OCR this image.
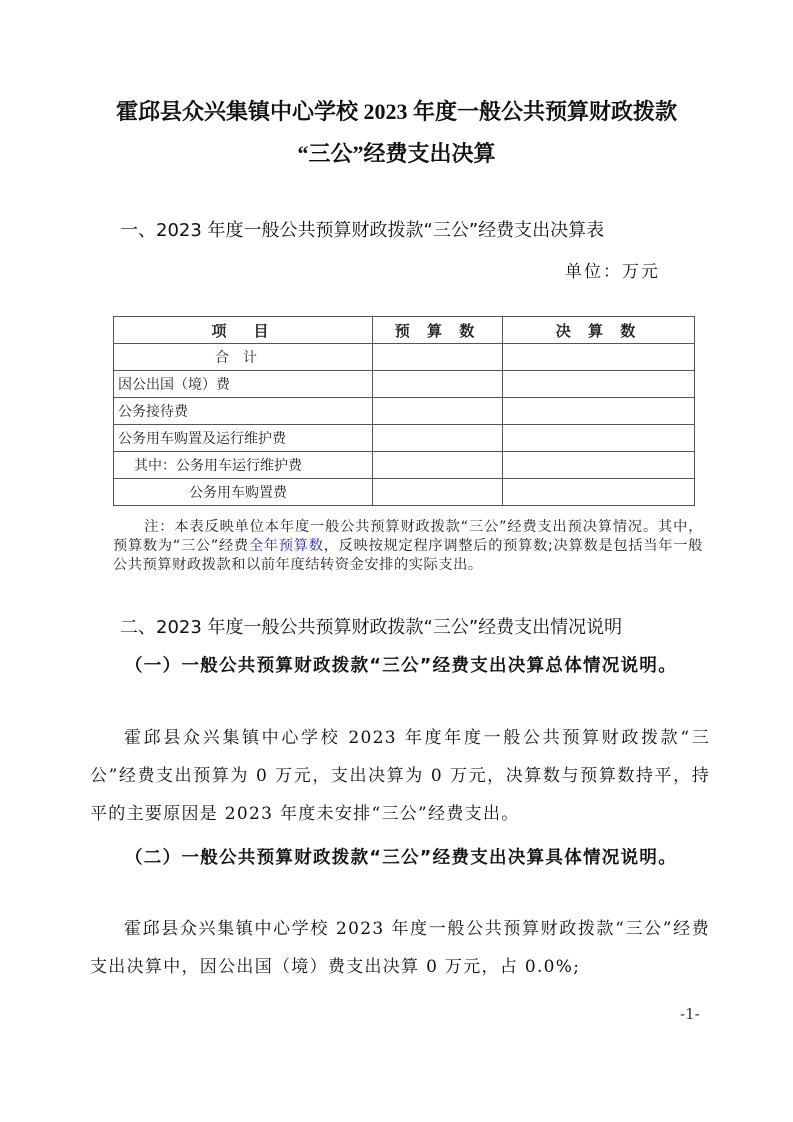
霍邱县众兴集镇中心学校 2023 年度一般公共预算财政拨款
“三公”经费支出决算
一、2023 年度一般公共预算财政拨款“三公”经费支出决算表
单位：万元
项　目	预 算 数	决 算 数
合计		
因公出国（境）费		
公务接待费		
公务用车购置及运行维护费		
其中：公务用车运行维护费		
公务用车购置费		
注：本表反映单位本年度一般公共预算财政拨款“三公”经费支出预决算情况。其中，预算数为“三公”经费全年预算数，反映按规定程序调整后的预算数;决算数是包括当年一般公共预算财政拨款和以前年度结转资金安排的实际支出。
二、2023 年度一般公共预算财政拨款“三公”经费支出情况说明
（一）一般公共预算财政拨款“三公”经费支出决算总体情况说明。
霍邱县众兴集镇中心学校 2023 年度年度一般公共预算财政拨款“三公”经费支出预算为 0 万元，支出决算为 0 万元，决算数与预算数持平，持平的主要原因是 2023 年度未安排“三公”经费支出。
（二）一般公共预算财政拨款“三公”经费支出决算具体情况说明。
霍邱县众兴集镇中心学校 2023 年度一般公共预算财政拨款“三公”经费支出决算中，因公出国（境）费支出决算 0 万元，占 0.0%;
-1-
